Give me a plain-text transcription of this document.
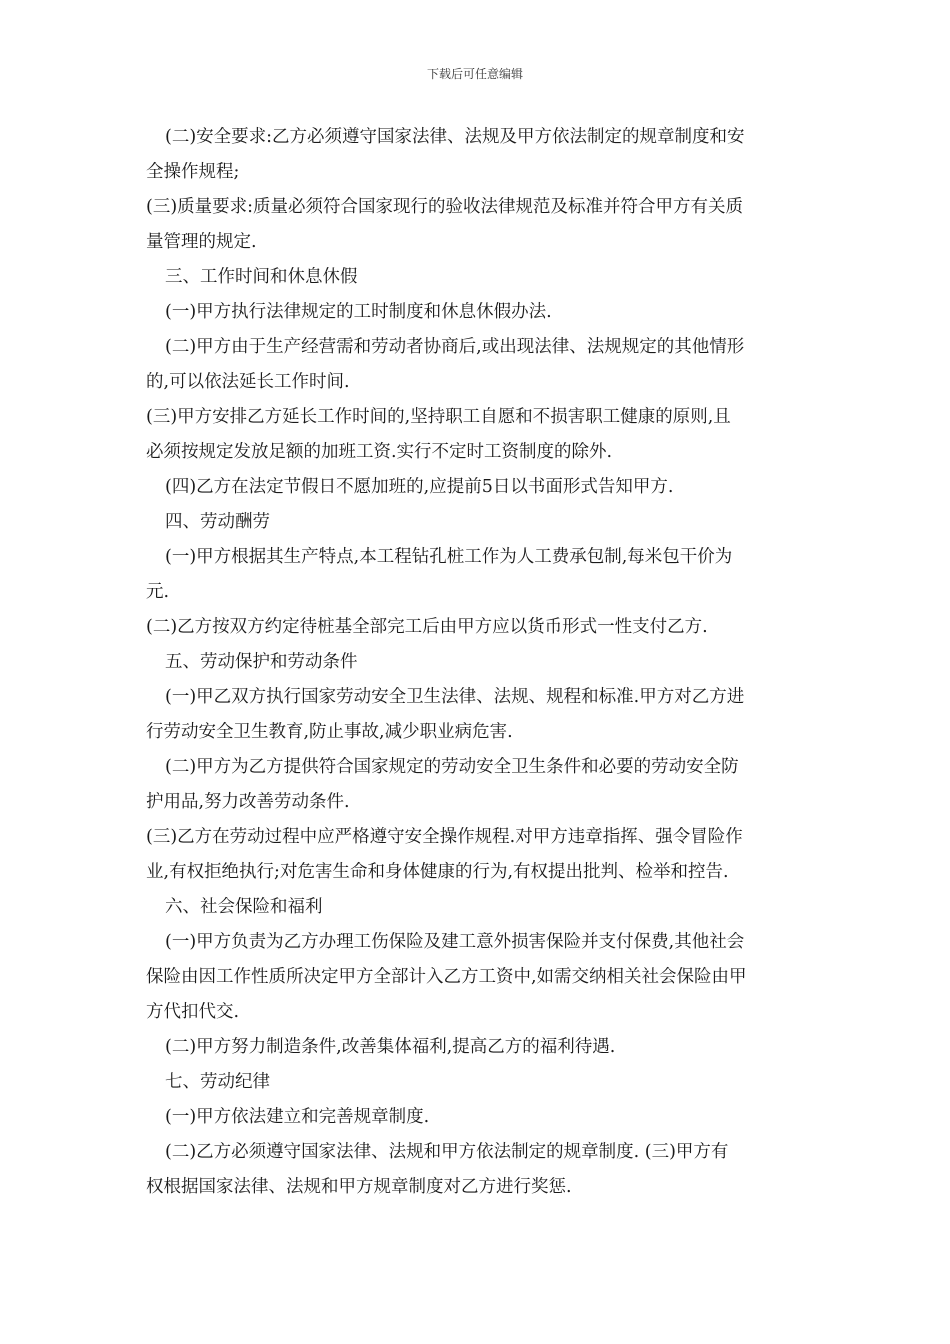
下载后可任意编辑
(二)安全要求:乙方必须遵守国家法律、法规及甲方依法制定的规章制度和安
全操作规程;
(三)质量要求:质量必须符合国家现行的验收法律规范及标准并符合甲方有关质
量管理的规定.
三、工作时间和休息休假
(一)甲方执行法律规定的工时制度和休息休假办法.
(二)甲方由于生产经营需和劳动者协商后,或出现法律、法规规定的其他情形
的,可以依法延长工作时间.
(三)甲方安排乙方延长工作时间的,坚持职工自愿和不损害职工健康的原则,且
必须按规定发放足额的加班工资.实行不定时工资制度的除外.
(四)乙方在法定节假日不愿加班的,应提前5日以书面形式告知甲方.
四、劳动酬劳
(一)甲方根据其生产特点,本工程钻孔桩工作为人工费承包制,每米包干价为
元.
(二)乙方按双方约定待桩基全部完工后由甲方应以货币形式一性支付乙方.
五、劳动保护和劳动条件
(一)甲乙双方执行国家劳动安全卫生法律、法规、规程和标准.甲方对乙方进
行劳动安全卫生教育,防止事故,减少职业病危害.
(二)甲方为乙方提供符合国家规定的劳动安全卫生条件和必要的劳动安全防
护用品,努力改善劳动条件.
(三)乙方在劳动过程中应严格遵守安全操作规程.对甲方违章指挥、强令冒险作
业,有权拒绝执行;对危害生命和身体健康的行为,有权提出批判、检举和控告.
六、社会保险和福利
(一)甲方负责为乙方办理工伤保险及建工意外损害保险并支付保费,其他社会
保险由因工作性质所决定甲方全部计入乙方工资中,如需交纳相关社会保险由甲
方代扣代交.
(二)甲方努力制造条件,改善集体福利,提高乙方的福利待遇.
七、劳动纪律
(一)甲方依法建立和完善规章制度.
(二)乙方必须遵守国家法律、法规和甲方依法制定的规章制度. (三)甲方有
权根据国家法律、法规和甲方规章制度对乙方进行奖惩.
